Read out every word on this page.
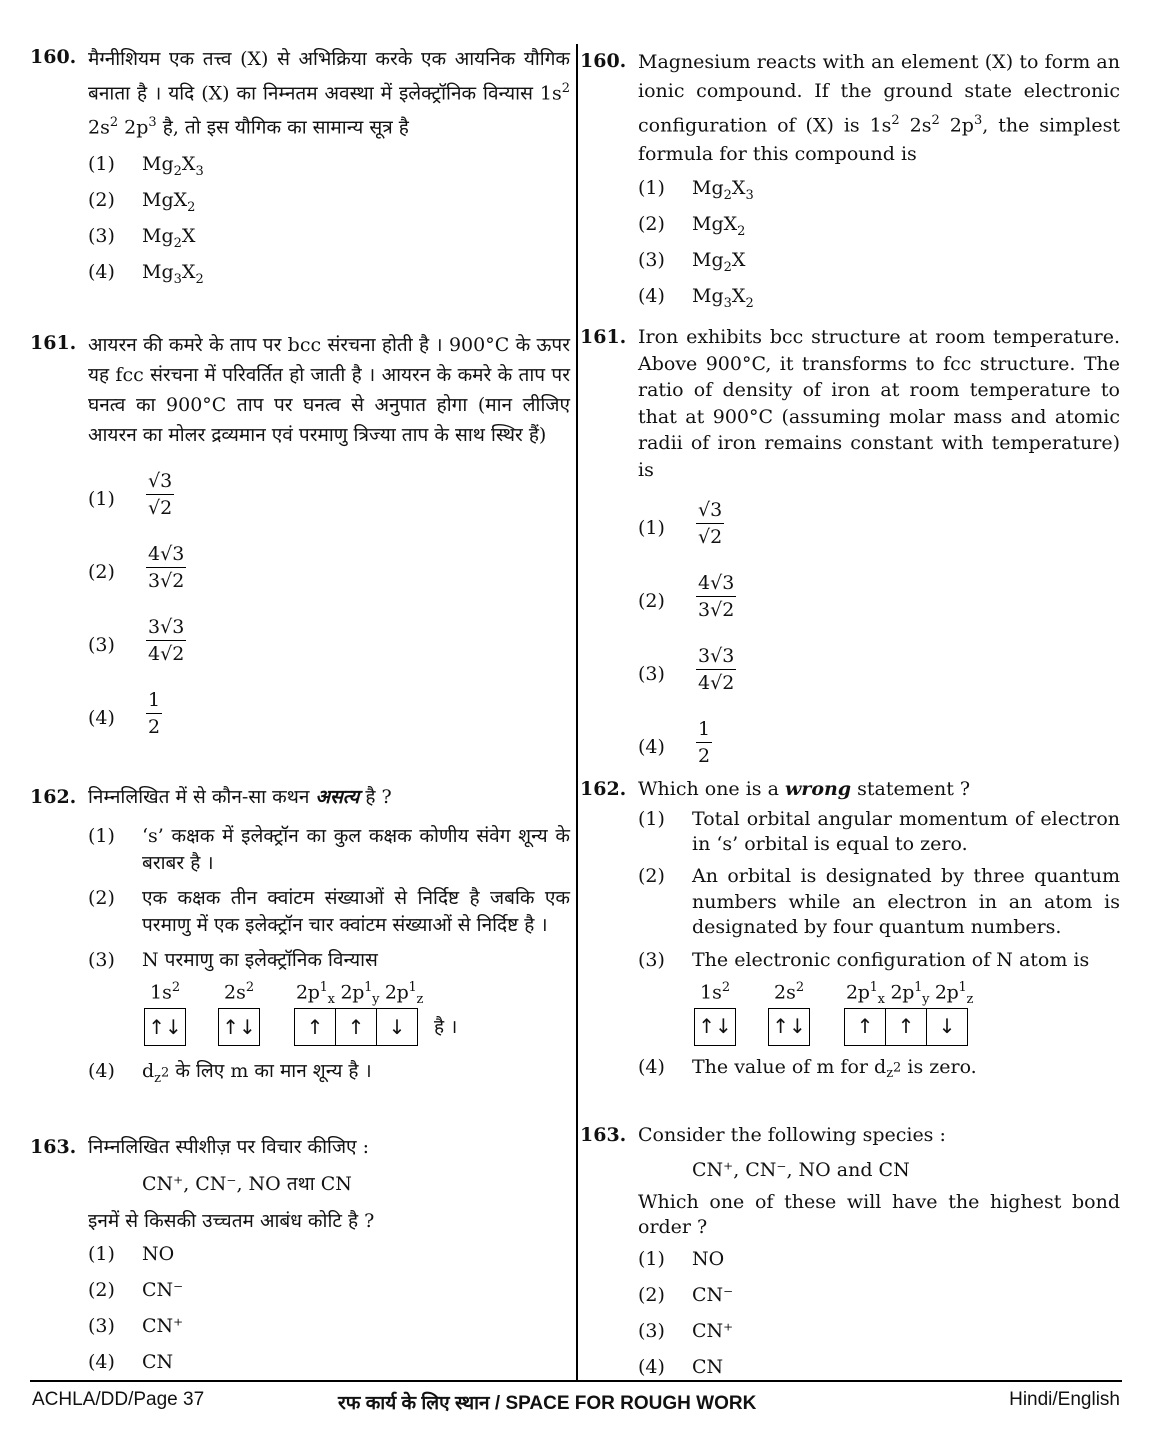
160. मैग्नीशियम एक तत्त्व (X) से अभिक्रिया करके एक आयनिक यौगिक बनाता है । यदि (X) का निम्नतम अवस्था में इलेक्ट्रॉनिक विन्यास $1s^2$ $2s^2$ $2p^3$ है, तो इस यौगिक का सामान्य सूत्र है
(1) $Mg_2X_3$
(2) MgX$_2$
(3) $Mg_2X$
(4) $Mg_3X_2$
161. आयरन की कमरे के ताप पर bcc संरचना होती है । 900°C के ऊपर यह fcc संरचना में परिवर्तित हो जाती है । आयरन के कमरे के ताप पर घनत्व का 900°C ताप पर घनत्व से अनुपात होगा (मान लीजिए आयरन का मोलर द्रव्यमान एवं परमाणु त्रिज्या ताप के साथ स्थिर हैं)
$(1) \frac{√3}{√2}$
$(2) \frac{4√3}{3√2}$
$(3) \frac{3√3}{4√2}$
$(4) \frac{1}{2}$
162. निम्नलिखित में से कौन-सा कथन असत्य है ?
(1) ‘s’ कक्षक में इलेक्ट्रॉन का कुल कक्षक कोणीय संवेग शून्य के बराबर है ।
(2) एक कक्षक तीन क्वांटम संख्याओं से निर्दिष्ट है जबकि एक परमाणु में एक इलेक्ट्रॉन चार क्वांटम संख्याओं से निर्दिष्ट है ।
(3) N परमाणु का इलेक्ट्रॉनिक विन्यास
$1s^2$ $2s^2$ $2p^1_x$ $2p^1_y$ $2p^1_z$
↑↓ ↑↓	↑	↑	↓	है ।
(4) $d_{z^2}$ के लिए m का मान शून्य है ।
163. निम्नलिखित स्पीशीज़ पर विचार कीजिए :
CN⁺, CN⁻, NO तथा CN
इनमें से किसकी उच्चतम आबंध कोटि है ?
(1) NO
(2) CN⁻
(3) CN⁺
(4) CN
160. Magnesium reacts with an element (X) to form an ionic compound. If the ground state electronic configuration of (X) is $1s^2$ $2s^2$ $2p^3$, the simplest formula for this compound is
(1) $Mg_2X_3$
(2) MgX$_2$
(3) $Mg_2X$
(4) $Mg_3X_2$
161. Iron exhibits bcc structure at room temperature. Above 900°C, it transforms to fcc structure. The ratio of density of iron at room temperature to that at 900°C (assuming molar mass and atomic radii of iron remains constant with temperature) is
$(1) \frac{√3}{√2}$
$(2) \frac{4√3}{3√2}$
$(3) \frac{3√3}{4√2}$
$(4) \frac{1}{2}$
162. Which one is a wrong statement ?
(1) Total orbital angular momentum of electron in ‘s’ orbital is equal to zero.
(2) An orbital is designated by three quantum numbers while an electron in an atom is designated by four quantum numbers.
(3) The electronic configuration of N atom is
$1s^2$ $2s^2$ $2p^1_x$ $2p^1_y$ $2p^1_z$
↑↓ ↑↓	↑	↑	↓
(4) The value of m for $d_{z^2}$ is zero.
163. Consider the following species :
CN⁺, CN⁻, NO and CN
Which one of these will have the highest bond order ?
(1) NO
(2) CN⁻
(3) CN⁺
(4) CN
ACHLA/DD/Page 37	रफ कार्य के लिए स्थान / SPACE FOR ROUGH WORK	Hindi/English
